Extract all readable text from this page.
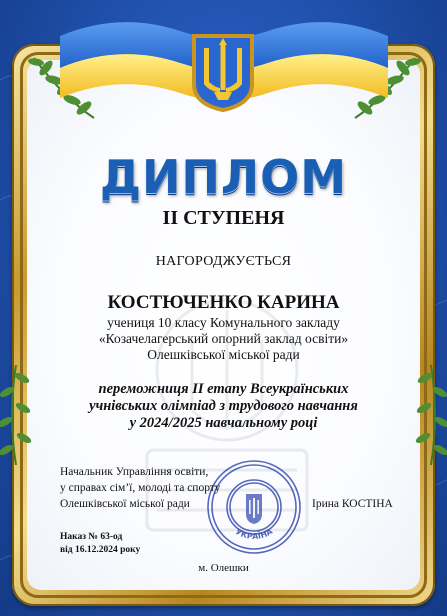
ДИПЛОМ
ІІ СТУПЕНЯ
НАГОРОДЖУЄТЬСЯ
КОСТЮЧЕНКО КАРИНА
учениця 10 класу Комунального закладу
«Козачелагерський опорний заклад освіти»
Олешківської міської ради
переможниця ІІ етапу Всеукраїнських
учнівських олімпіад з трудового навчання
у 2024/2025 навчальному році
УКРАЇНА
Начальник Управління освіти,
у справах сім’ї, молоді та спорту
Олешківської міської ради	Ірина КОСТІНА
Наказ № 63-од
від 16.12.2024 року
м. Олешки
